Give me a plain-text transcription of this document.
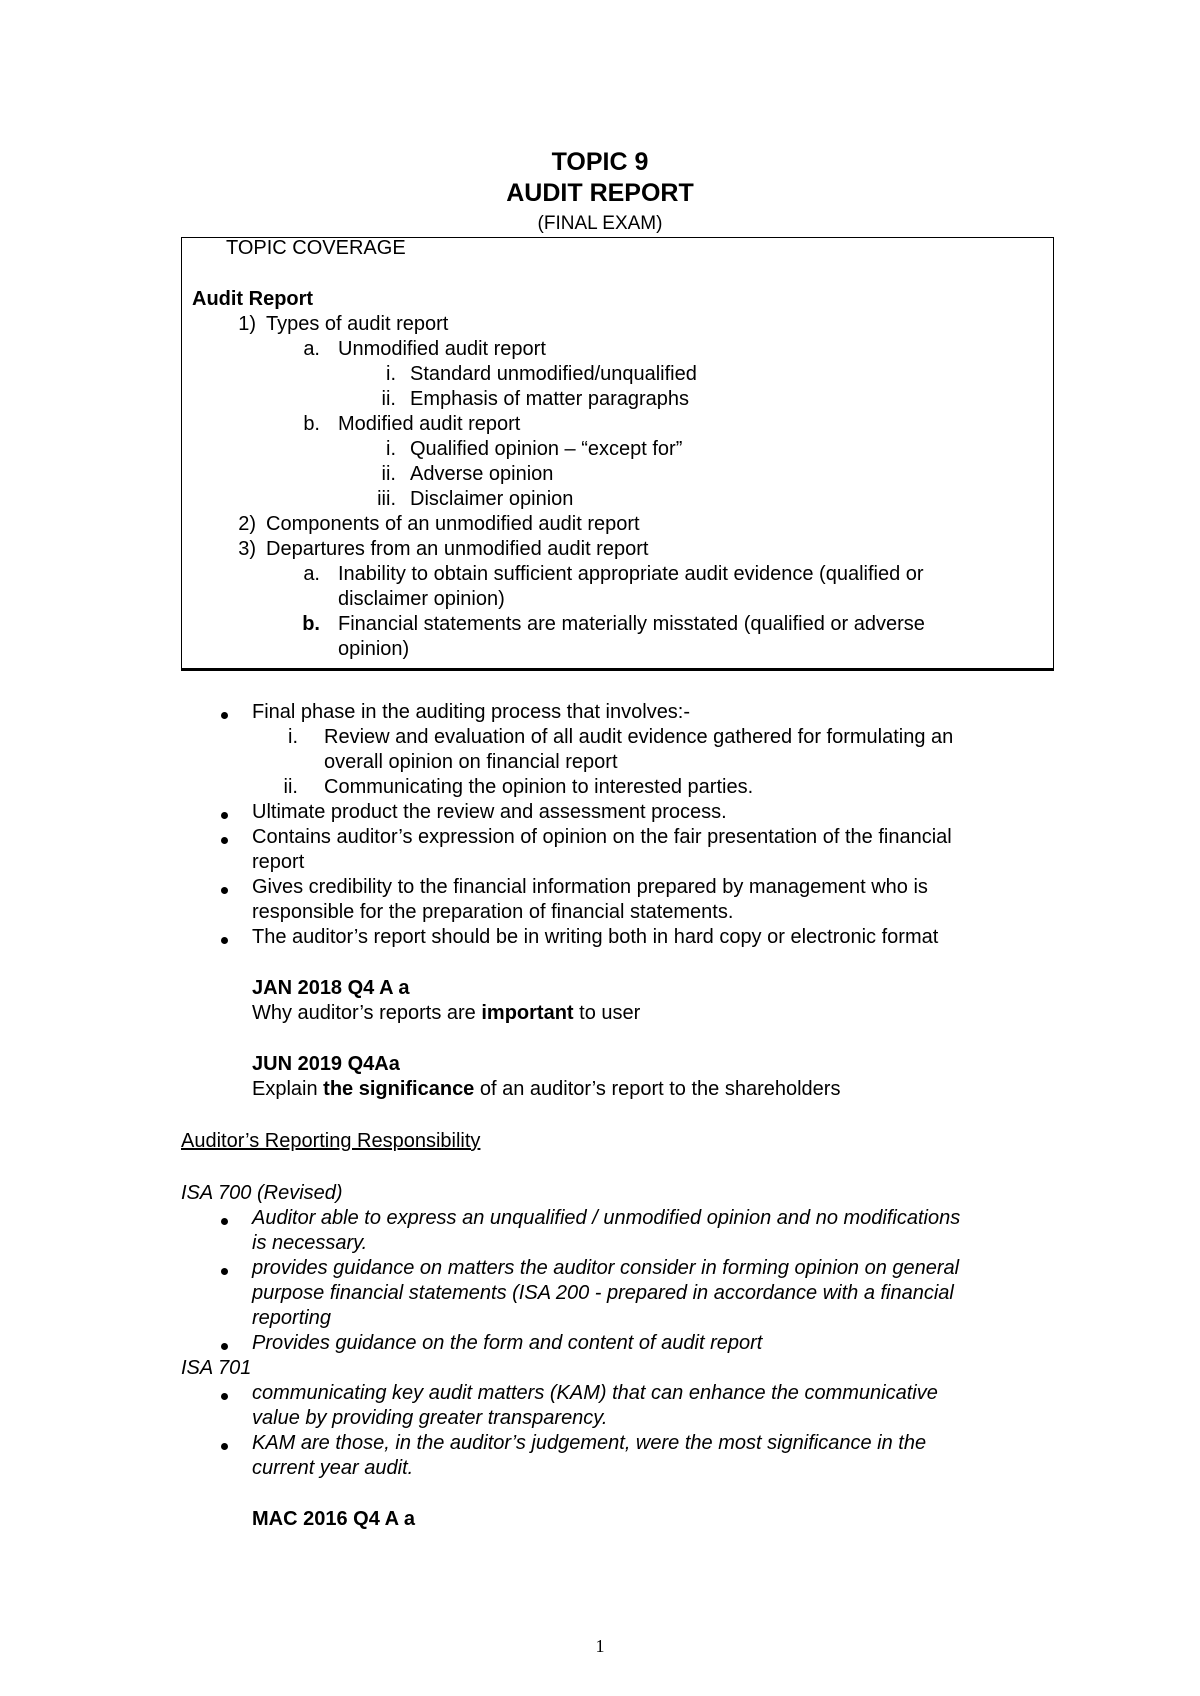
TOPIC 9
AUDIT REPORT
(FINAL EXAM)
TOPIC COVERAGE
Audit Report
1) Types of audit report
a. Unmodified audit report
i. Standard unmodified/unqualified
ii. Emphasis of matter paragraphs
b. Modified audit report
i. Qualified opinion – “except for”
ii. Adverse opinion
iii. Disclaimer opinion
2) Components of an unmodified audit report
3) Departures from an unmodified audit report
a. Inability to obtain sufficient appropriate audit evidence (qualified or
disclaimer opinion)
b. Financial statements are materially misstated (qualified or adverse
opinion)
Final phase in the auditing process that involves:-
i. Review and evaluation of all audit evidence gathered for formulating an
overall opinion on financial report
ii. Communicating the opinion to interested parties.
Ultimate product the review and assessment process.
Contains auditor’s expression of opinion on the fair presentation of the financial
report
Gives credibility to the financial information prepared by management who is
responsible for the preparation of financial statements.
The auditor’s report should be in writing both in hard copy or electronic format
JAN 2018 Q4 A a
Why auditor’s reports are important to user
JUN 2019 Q4Aa
Explain the significance of an auditor’s report to the shareholders
Auditor’s Reporting Responsibility
ISA 700 (Revised)
Auditor able to express an unqualified / unmodified opinion and no modifications
is necessary.
provides guidance on matters the auditor consider in forming opinion on general
purpose financial statements (ISA 200 - prepared in accordance with a financial
reporting
Provides guidance on the form and content of audit report
ISA 701
communicating key audit matters (KAM) that can enhance the communicative
value by providing greater transparency.
KAM are those, in the auditor’s judgement, were the most significance in the
current year audit.
MAC 2016 Q4 A a
1
